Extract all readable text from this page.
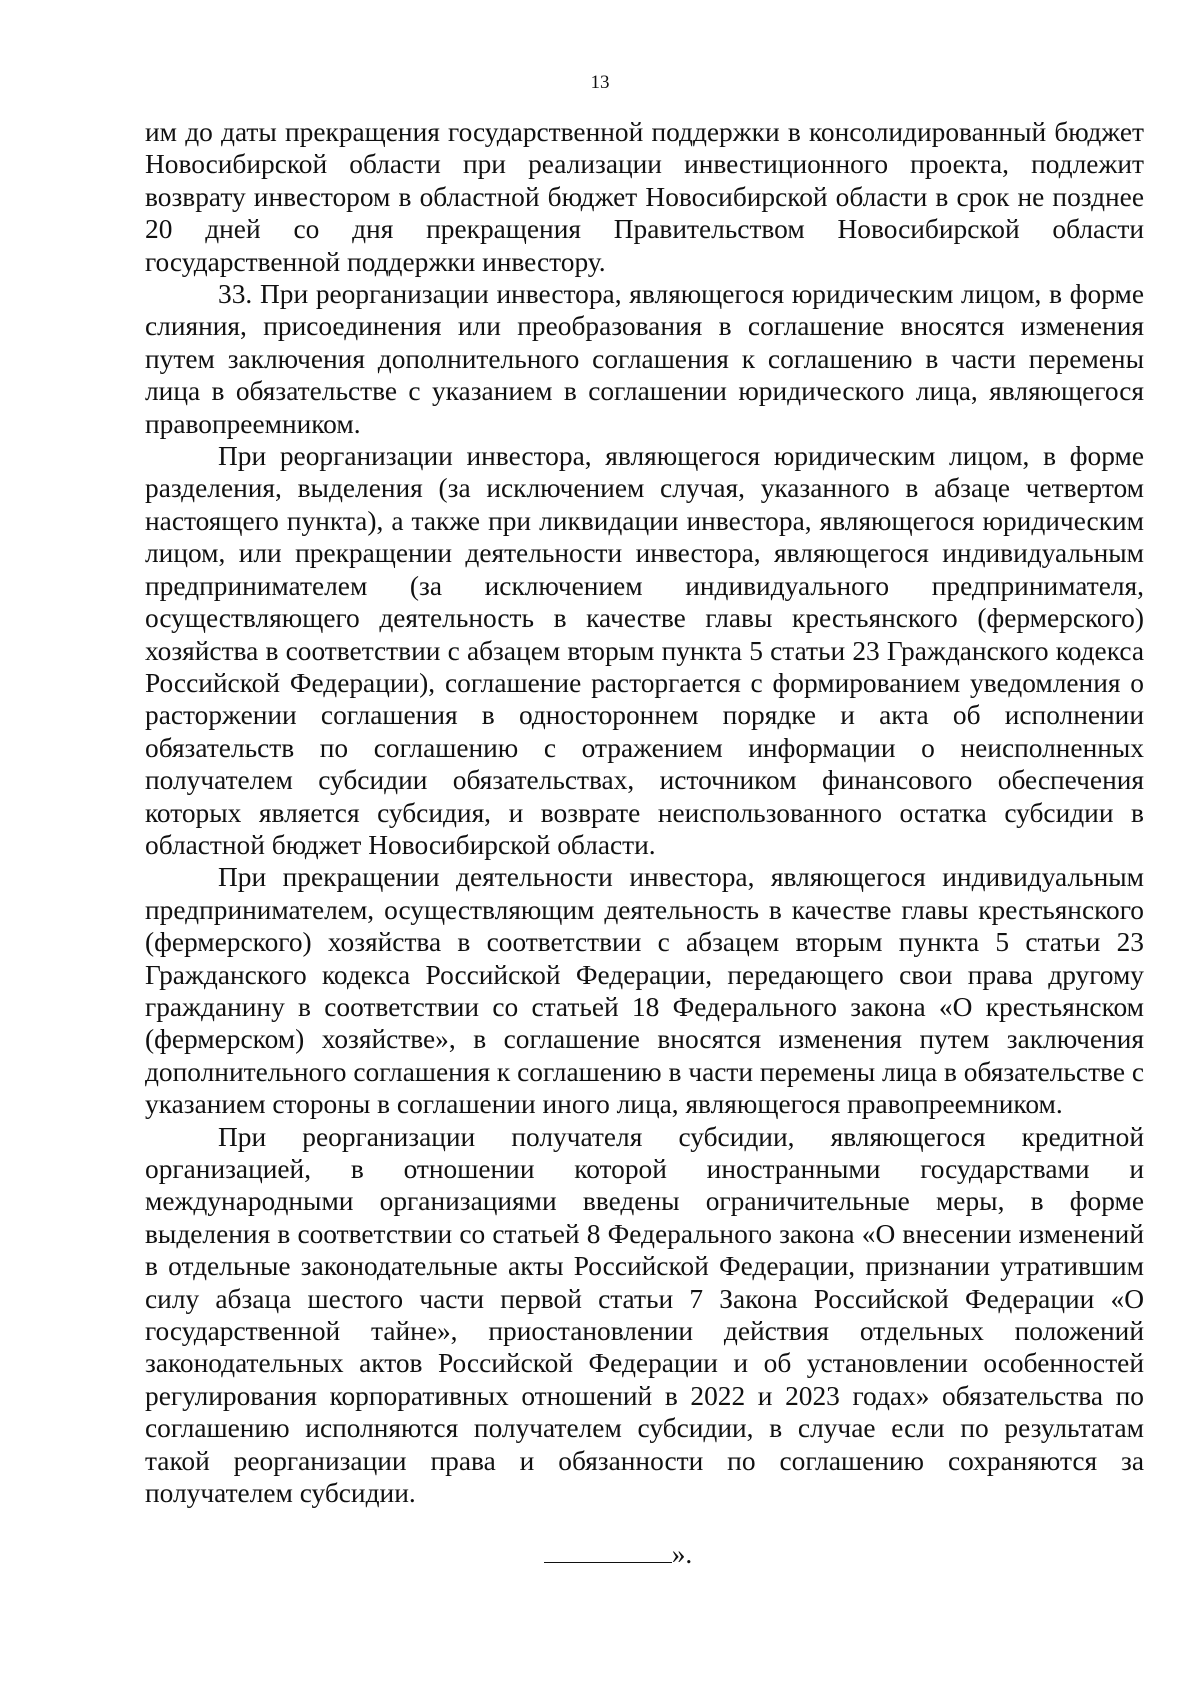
13

им до даты прекращения государственной поддержки в консолидированный бюджет Новосибирской области при реализации инвестиционного проекта, подлежит возврату инвестором в областной бюджет Новосибирской области в срок не позднее 20 дней со дня прекращения Правительством Новосибирской области государственной поддержки инвестору.

33. При реорганизации инвестора, являющегося юридическим лицом, в форме слияния, присоединения или преобразования в соглашение вносятся изменения путем заключения дополнительного соглашения к соглашению в части перемены лица в обязательстве с указанием в соглашении юридического лица, являющегося правопреемником.

При реорганизации инвестора, являющегося юридическим лицом, в форме разделения, выделения (за исключением случая, указанного в абзаце четвертом настоящего пункта), а также при ликвидации инвестора, являющегося юридическим лицом, или прекращении деятельности инвестора, являющегося индивидуальным предпринимателем (за исключением индивидуального предпринимателя, осуществляющего деятельность в качестве главы крестьянского (фермерского) хозяйства в соответствии с абзацем вторым пункта 5 статьи 23 Гражданского кодекса Российской Федерации), соглашение расторгается с формированием уведомления о расторжении соглашения в одностороннем порядке и акта об исполнении обязательств по соглашению с отражением информации о неисполненных получателем субсидии обязательствах, источником финансового обеспечения которых является субсидия, и возврате неиспользованного остатка субсидии в областной бюджет Новосибирской области.

При прекращении деятельности инвестора, являющегося индивидуальным предпринимателем, осуществляющим деятельность в качестве главы крестьянского (фермерского) хозяйства в соответствии с абзацем вторым пункта 5 статьи 23 Гражданского кодекса Российской Федерации, передающего свои права другому гражданину в соответствии со статьей 18 Федерального закона «О крестьянском (фермерском) хозяйстве», в соглашение вносятся изменения путем заключения дополнительного соглашения к соглашению в части перемены лица в обязательстве с указанием стороны в соглашении иного лица, являющегося правопреемником.

При реорганизации получателя субсидии, являющегося кредитной организацией, в отношении которой иностранными государствами и международными организациями введены ограничительные меры, в форме выделения в соответствии со статьей 8 Федерального закона «О внесении изменений в отдельные законодательные акты Российской Федерации, признании утратившим силу абзаца шестого части первой статьи 7 Закона Российской Федерации «О государственной тайне», приостановлении действия отдельных положений законодательных актов Российской Федерации и об установлении особенностей регулирования корпоративных отношений в 2022 и 2023 годах» обязательства по соглашению исполняются получателем субсидии, в случае если по результатам такой реорганизации права и обязанности по соглашению сохраняются за получателем субсидии.

».
